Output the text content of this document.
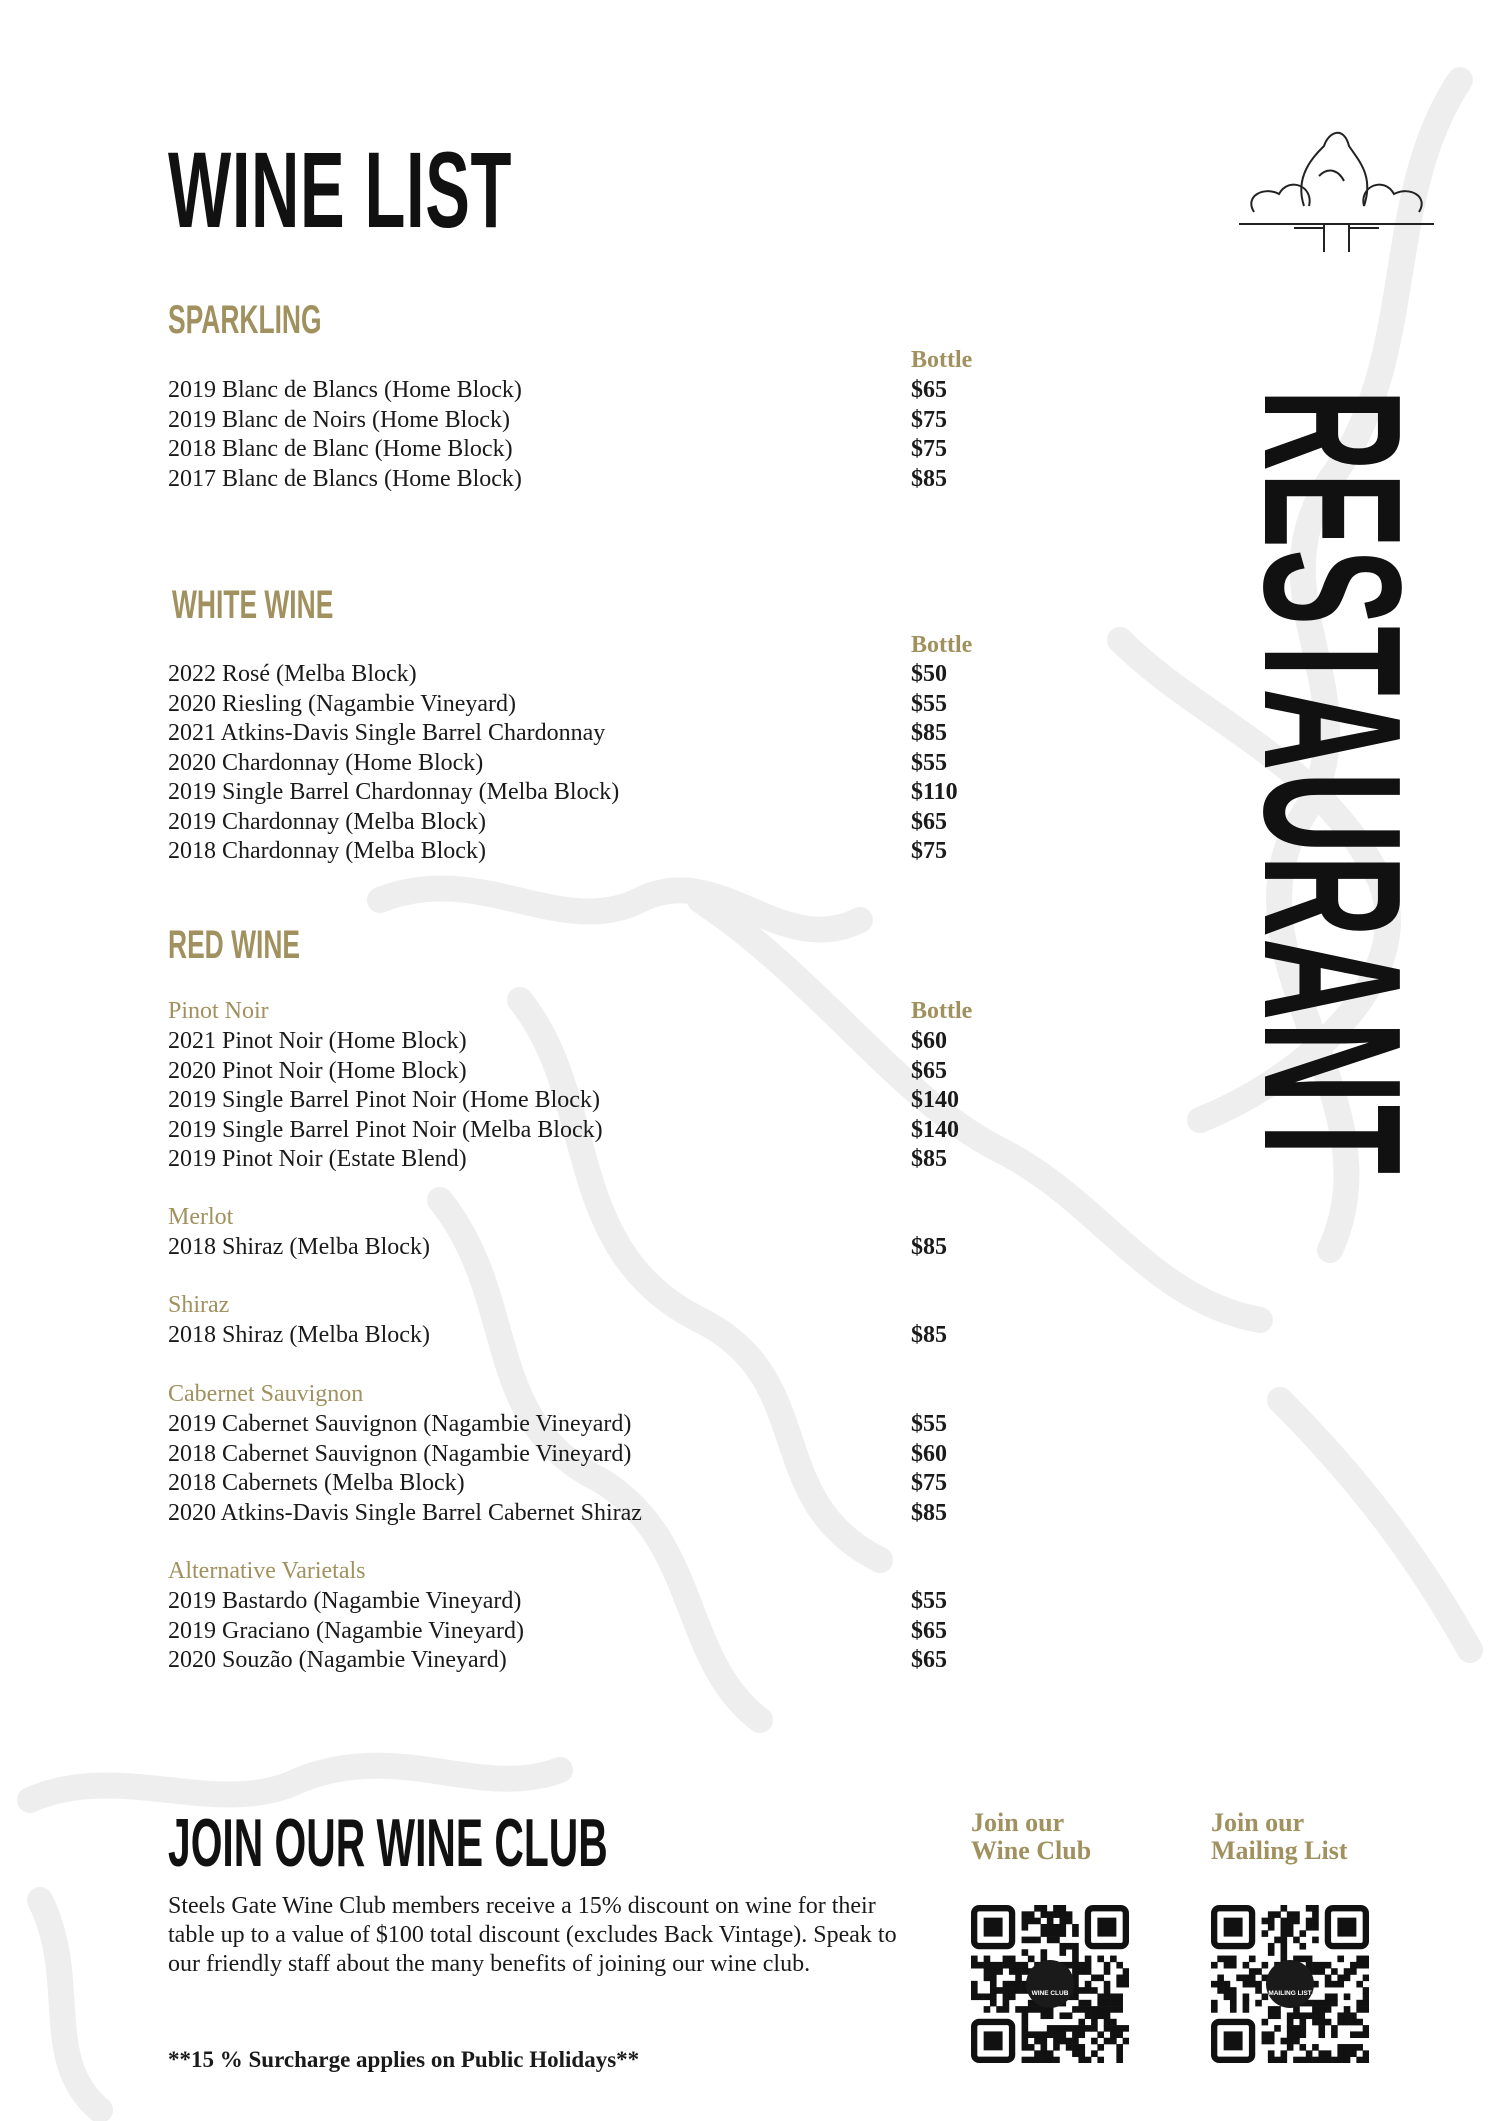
WINE LIST
RESTAURANT
SPARKLING
Bottle
2019 Blanc de Blancs (Home Block)	$65
2019 Blanc de Noirs (Home Block)	$75
2018 Blanc de Blanc (Home Block)	$75
2017 Blanc de Blancs (Home Block)	$85
WHITE WINE
Bottle
2022 Rosé (Melba Block)	$50
2020 Riesling (Nagambie Vineyard)	$55
2021 Atkins-Davis Single Barrel Chardonnay	$85
2020 Chardonnay (Home Block)	$55
2019 Single Barrel Chardonnay (Melba Block)	$110
2019 Chardonnay (Melba Block)	$65
2018 Chardonnay (Melba Block)	$75
RED WINE
Pinot Noir	Bottle
2021 Pinot Noir (Home Block)	$60
2020 Pinot Noir (Home Block)	$65
2019 Single Barrel Pinot Noir (Home Block)	$140
2019 Single Barrel Pinot Noir (Melba Block)	$140
2019 Pinot Noir (Estate Blend)	$85
Merlot
2018 Shiraz (Melba Block)	$85
Shiraz
2018 Shiraz (Melba Block)	$85
Cabernet Sauvignon
2019 Cabernet Sauvignon (Nagambie Vineyard)	$55
2018 Cabernet Sauvignon (Nagambie Vineyard)	$60
2018 Cabernets (Melba Block)	$75
2020 Atkins-Davis Single Barrel Cabernet Shiraz	$85
Alternative Varietals
2019 Bastardo (Nagambie Vineyard)	$55
2019 Graciano (Nagambie Vineyard)	$65
2020 Souzão (Nagambie Vineyard)	$65
JOIN OUR WINE CLUB
Steels Gate Wine Club members receive a 15% discount on wine for their table up to a value of $100 total discount (excludes Back Vintage). Speak to our friendly staff about the many benefits of joining our wine club.
**15 % Surcharge applies on Public Holidays**
Join our
Wine Club
Join our
Mailing List
WINE CLUB	MAILING LIST
